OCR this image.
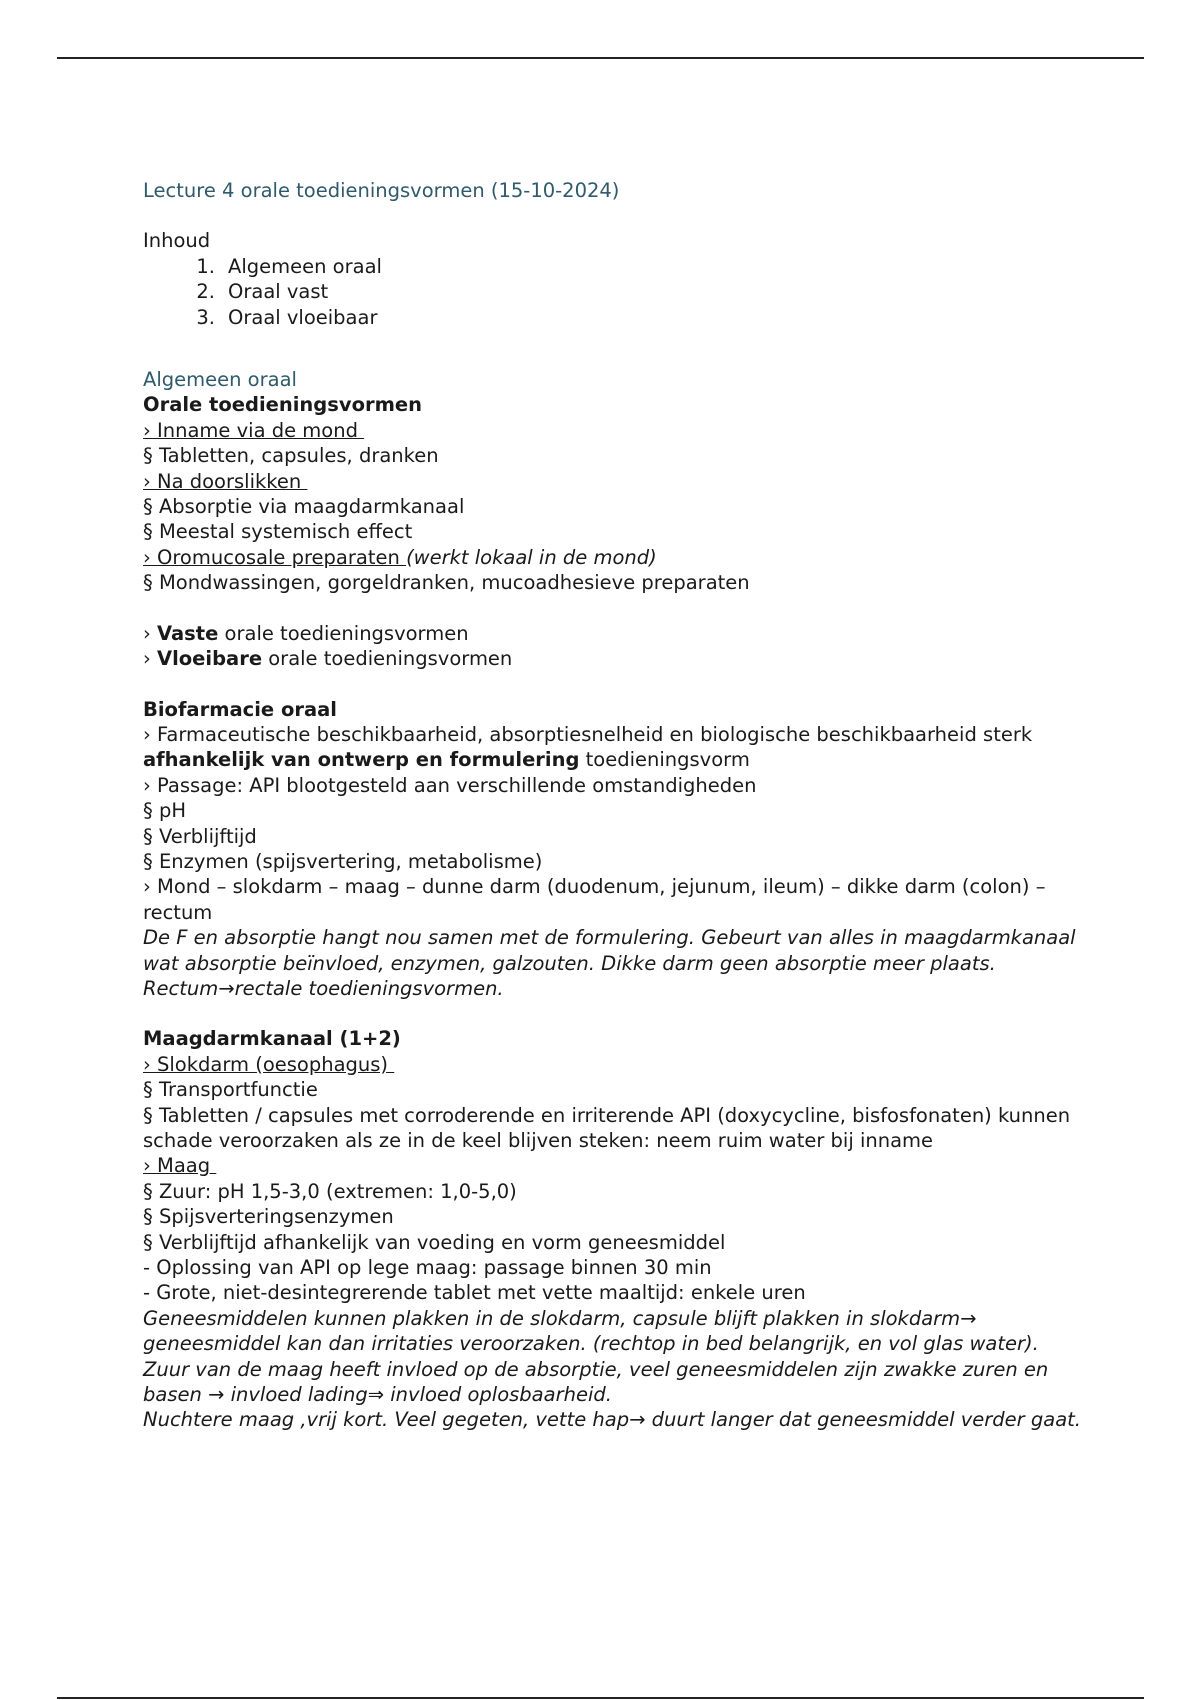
Lecture 4 orale toedieningsvormen (15-10-2024)
Inhoud
1. Algemeen oraal
2. Oraal vast
3. Oraal vloeibaar
Algemeen oraal
Orale toedieningsvormen
› Inname via de mond
§ Tabletten, capsules, dranken
› Na doorslikken
§ Absorptie via maagdarmkanaal
§ Meestal systemisch effect
› Oromucosale preparaten (werkt lokaal in de mond)
§ Mondwassingen, gorgeldranken, mucoadhesieve preparaten
› Vaste orale toedieningsvormen
› Vloeibare orale toedieningsvormen
Biofarmacie oraal
› Farmaceutische beschikbaarheid, absorptiesnelheid en biologische beschikbaarheid sterk afhankelijk van ontwerp en formulering toedieningsvorm
› Passage: API blootgesteld aan verschillende omstandigheden
§ pH
§ Verblijftijd
§ Enzymen (spijsvertering, metabolisme)
› Mond – slokdarm – maag – dunne darm (duodenum, jejunum, ileum) – dikke darm (colon) – rectum
De F en absorptie hangt nou samen met de formulering. Gebeurt van alles in maagdarmkanaal wat absorptie beïnvloed, enzymen, galzouten. Dikke darm geen absorptie meer plaats. Rectum→rectale toedieningsvormen.
Maagdarmkanaal (1+2)
› Slokdarm (oesophagus)
§ Transportfunctie
§ Tabletten / capsules met corroderende en irriterende API (doxycycline, bisfosfonaten) kunnen schade veroorzaken als ze in de keel blijven steken: neem ruim water bij inname
› Maag
§ Zuur: pH 1,5-3,0 (extremen: 1,0-5,0)
§ Spijsverteringsenzymen
§ Verblijftijd afhankelijk van voeding en vorm geneesmiddel
- Oplossing van API op lege maag: passage binnen 30 min
- Grote, niet-desintegrerende tablet met vette maaltijd: enkele uren
Geneesmiddelen kunnen plakken in de slokdarm, capsule blijft plakken in slokdarm→ geneesmiddel kan dan irritaties veroorzaken. (rechtop in bed belangrijk, en vol glas water).
Zuur van de maag heeft invloed op de absorptie, veel geneesmiddelen zijn zwakke zuren en basen → invloed lading⇒ invloed oplosbaarheid.
Nuchtere maag ,vrij kort. Veel gegeten, vette hap→ duurt langer dat geneesmiddel verder gaat.
